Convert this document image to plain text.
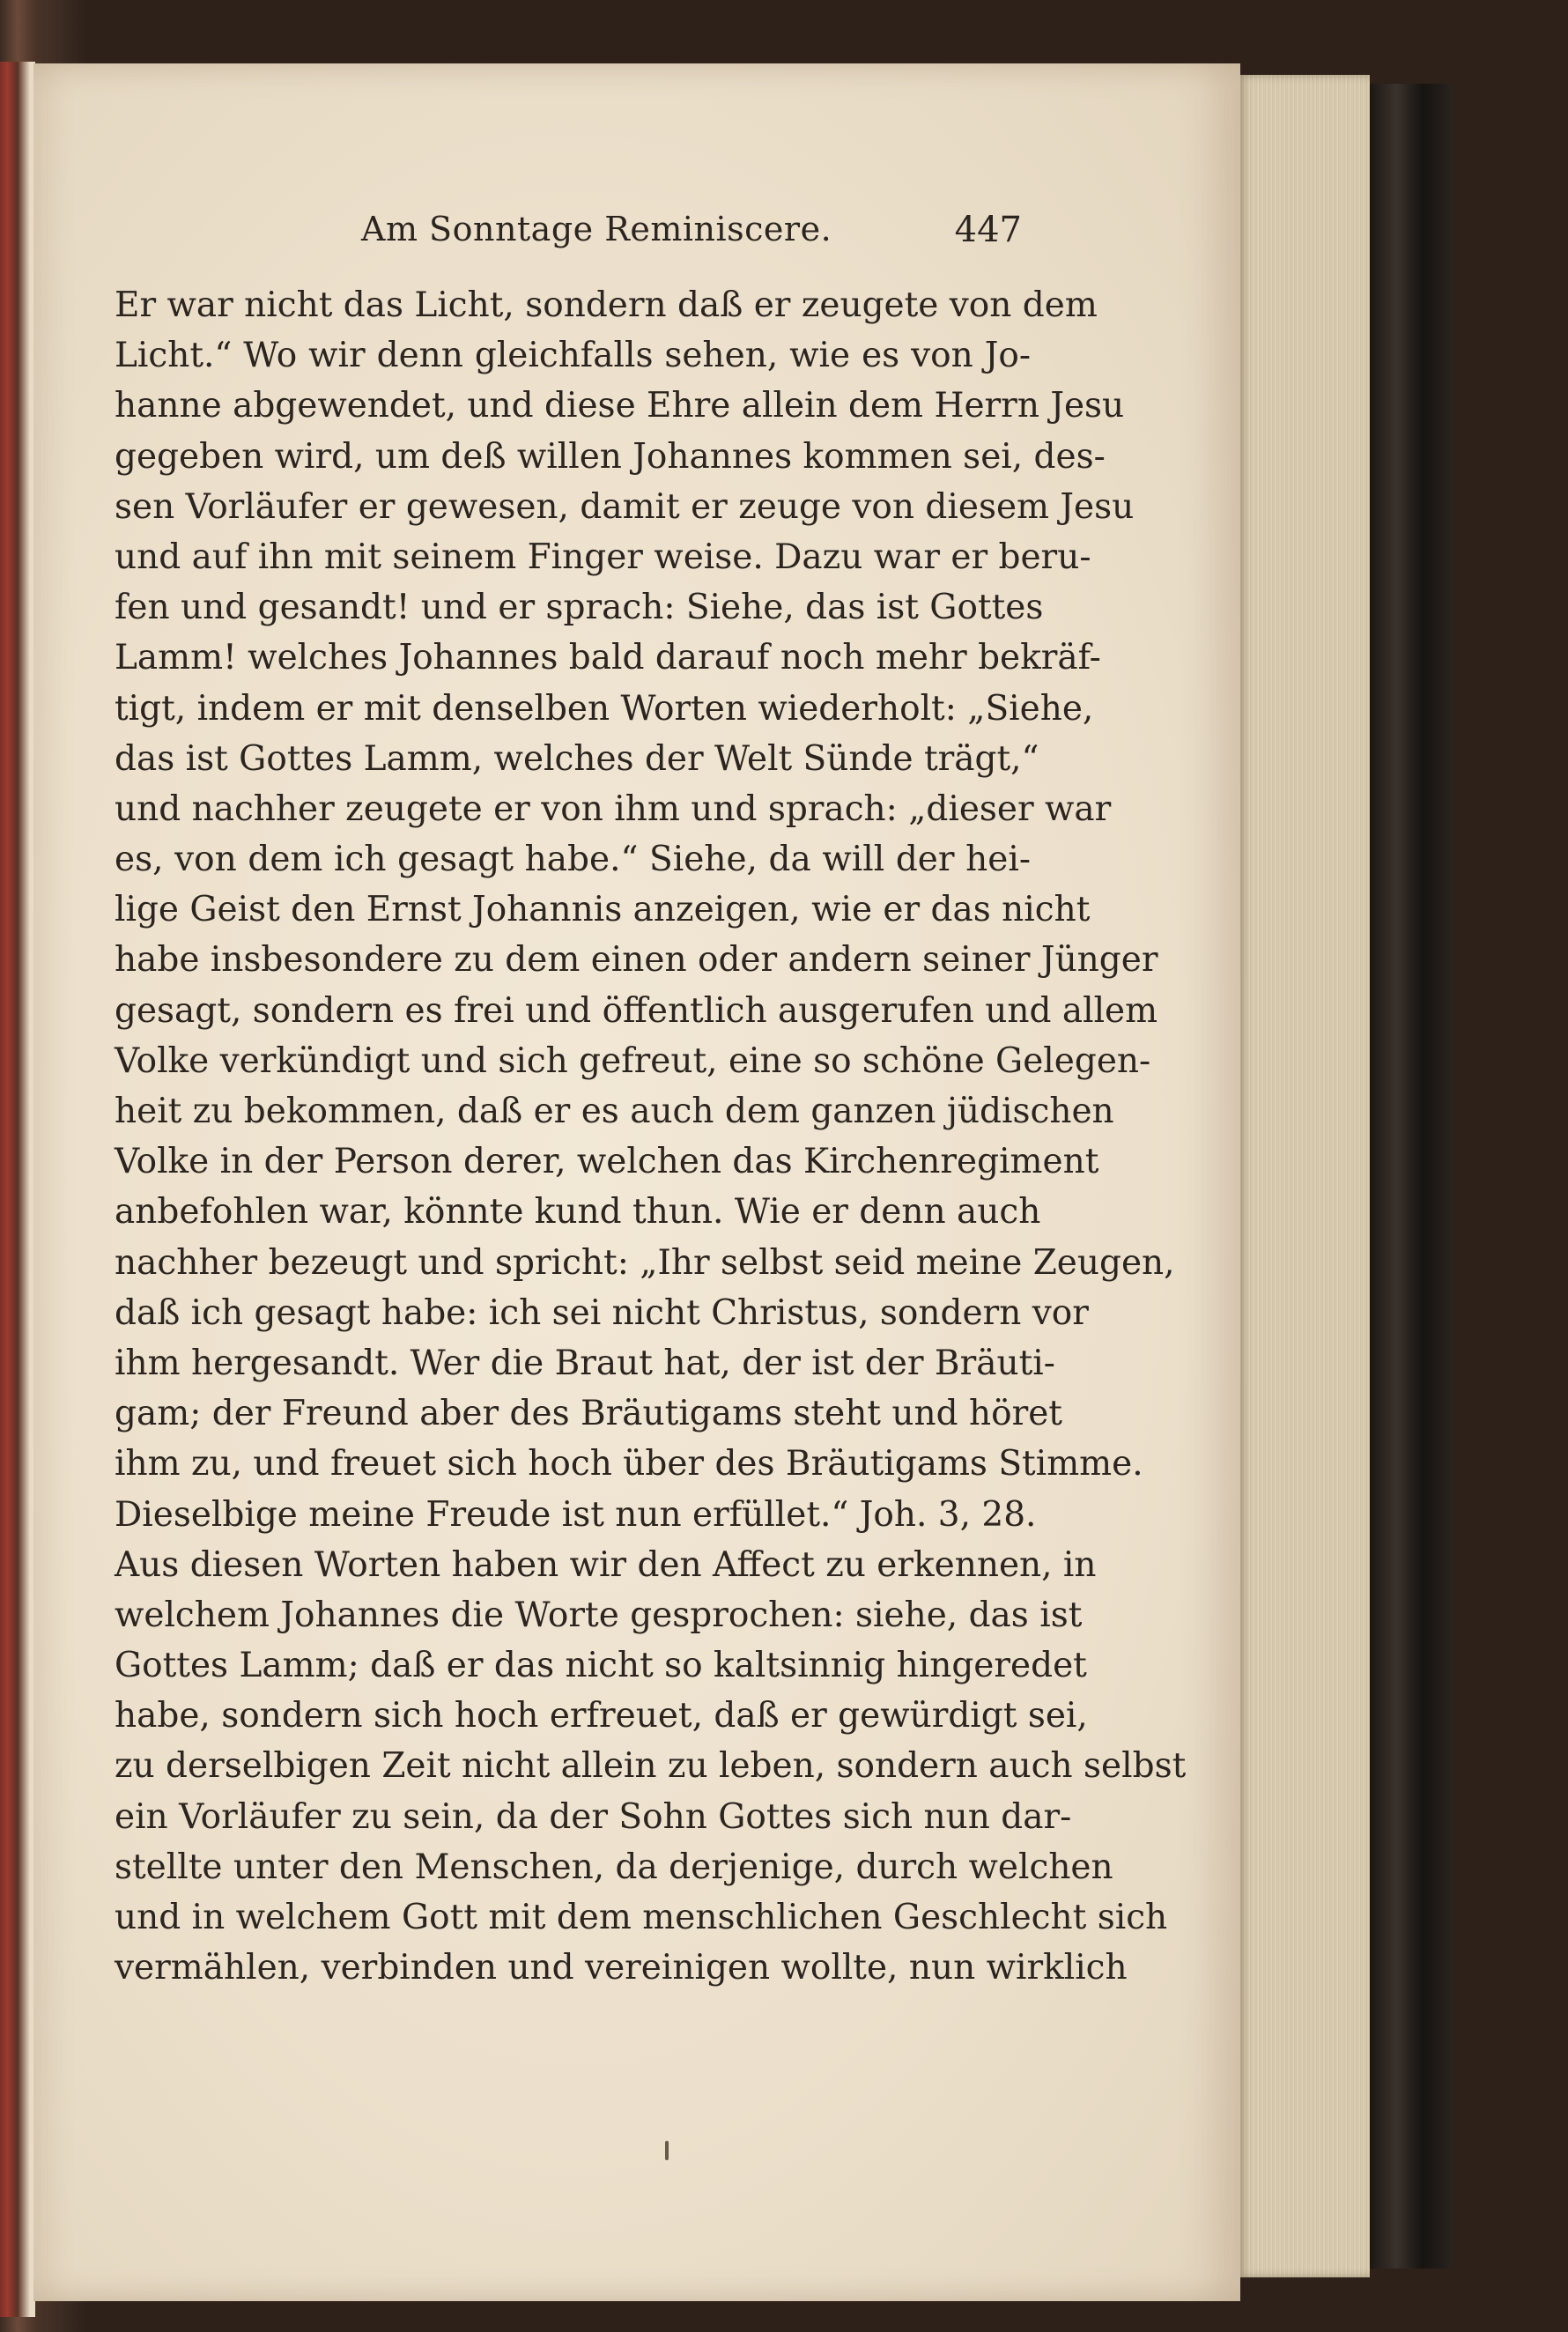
Am Sonntage Reminiscere.	447
Er war nicht das Licht, sondern daß er zeugete von dem
Licht.“ Wo wir denn gleichfalls sehen, wie es von Jo-
hanne abgewendet, und diese Ehre allein dem Herrn Jesu
gegeben wird, um deß willen Johannes kommen sei, des-
sen Vorläufer er gewesen, damit er zeuge von diesem Jesu
und auf ihn mit seinem Finger weise. Dazu war er beru-
fen und gesandt! und er sprach: Siehe, das ist Gottes
Lamm! welches Johannes bald darauf noch mehr bekräf-
tigt, indem er mit denselben Worten wiederholt: „Siehe,
das ist Gottes Lamm, welches der Welt Sünde trägt,“
und nachher zeugete er von ihm und sprach: „dieser war
es, von dem ich gesagt habe.“ Siehe, da will der hei-
lige Geist den Ernst Johannis anzeigen, wie er das nicht
habe insbesondere zu dem einen oder andern seiner Jünger
gesagt, sondern es frei und öffentlich ausgerufen und allem
Volke verkündigt und sich gefreut, eine so schöne Gelegen-
heit zu bekommen, daß er es auch dem ganzen jüdischen
Volke in der Person derer, welchen das Kirchenregiment
anbefohlen war, könnte kund thun. Wie er denn auch
nachher bezeugt und spricht: „Ihr selbst seid meine Zeugen,
daß ich gesagt habe: ich sei nicht Christus, sondern vor
ihm hergesandt. Wer die Braut hat, der ist der Bräuti-
gam; der Freund aber des Bräutigams steht und höret
ihm zu, und freuet sich hoch über des Bräutigams Stimme.
Dieselbige meine Freude ist nun erfüllet.“ Joh. 3, 28.
Aus diesen Worten haben wir den Affect zu erkennen, in
welchem Johannes die Worte gesprochen: siehe, das ist
Gottes Lamm; daß er das nicht so kaltsinnig hingeredet
habe, sondern sich hoch erfreuet, daß er gewürdigt sei,
zu derselbigen Zeit nicht allein zu leben, sondern auch selbst
ein Vorläufer zu sein, da der Sohn Gottes sich nun dar-
stellte unter den Menschen, da derjenige, durch welchen
und in welchem Gott mit dem menschlichen Geschlecht sich
vermählen, verbinden und vereinigen wollte, nun wirklich
